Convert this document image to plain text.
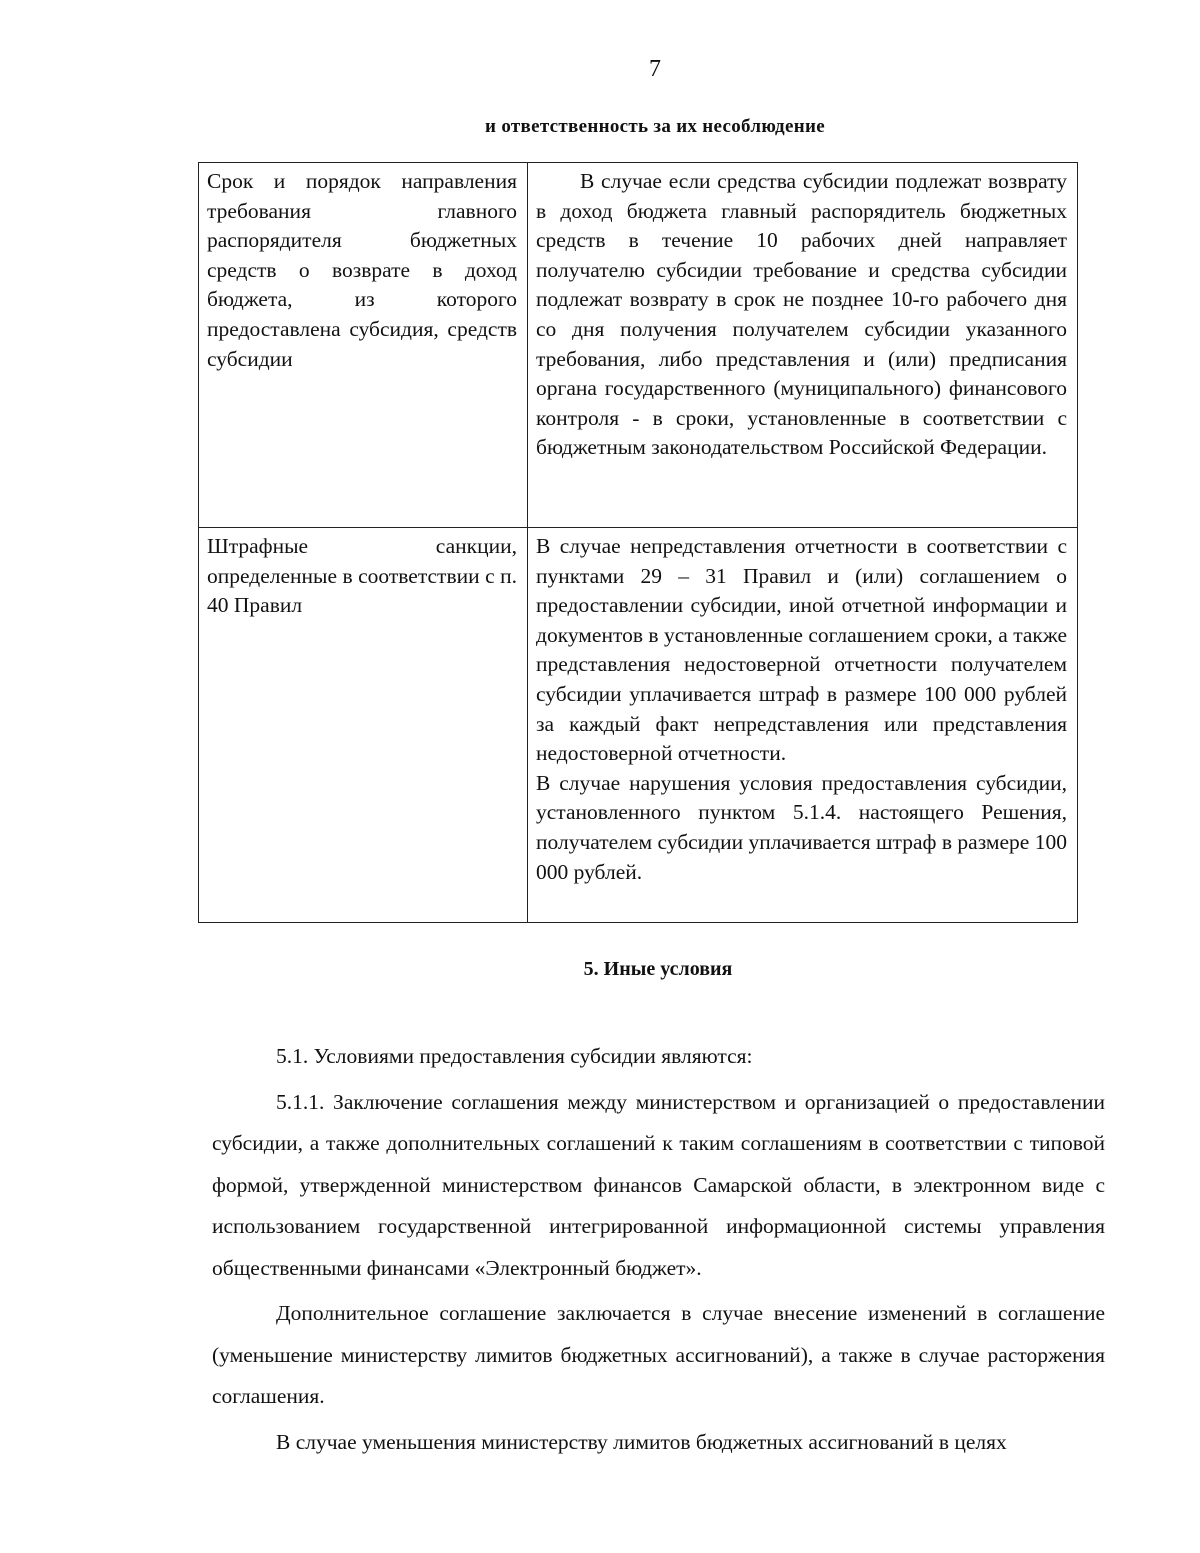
7
и ответственность за их несоблюдение
Срок и порядок направления требования главного распорядителя бюджетных средств о возврате в доход бюджета, из которого предоставлена субсидия, средств субсидии	В случае если средства субсидии подлежат возврату в доход бюджета главный распорядитель бюджетных средств в течение 10 рабочих дней направляет получателю субсидии требование и средства субсидии подлежат возврату в срок не позднее 10-го рабочего дня со дня получения получателем субсидии указанного требования, либо представления и (или) предписания органа государственного (муниципального) финансового контроля - в сроки, установленные в соответствии с бюджетным законодательством Российской Федерации.

Штрафные санкции, определенные в соответствии с п. 40 Правил	В случае непредставления отчетности в соответствии с пунктами 29 – 31 Правил и (или) соглашением о предоставлении субсидии, иной отчетной информации и документов в установленные соглашением сроки, а также представления недостоверной отчетности получателем субсидии уплачивается штраф в размере 100 000 рублей за каждый факт непредставления или представления недостоверной отчетности.
В случае нарушения условия предоставления субсидии, установленного пунктом 5.1.4. настоящего Решения, получателем субсидии уплачивается штраф в размере 100 000 рублей.
5. Иные условия

5.1. Условиями предоставления субсидии являются:

5.1.1. Заключение соглашения между министерством и организацией о предоставлении субсидии, а также дополнительных соглашений к таким соглашениям в соответствии с типовой формой, утвержденной министерством финансов Самарской области, в электронном виде с использованием государственной интегрированной информационной системы управления общественными финансами «Электронный бюджет».

Дополнительное соглашение заключается в случае внесение изменений в соглашение (уменьшение министерству лимитов бюджетных ассигнований), а также в случае расторжения соглашения.

В случае уменьшения министерству лимитов бюджетных ассигнований в целях
